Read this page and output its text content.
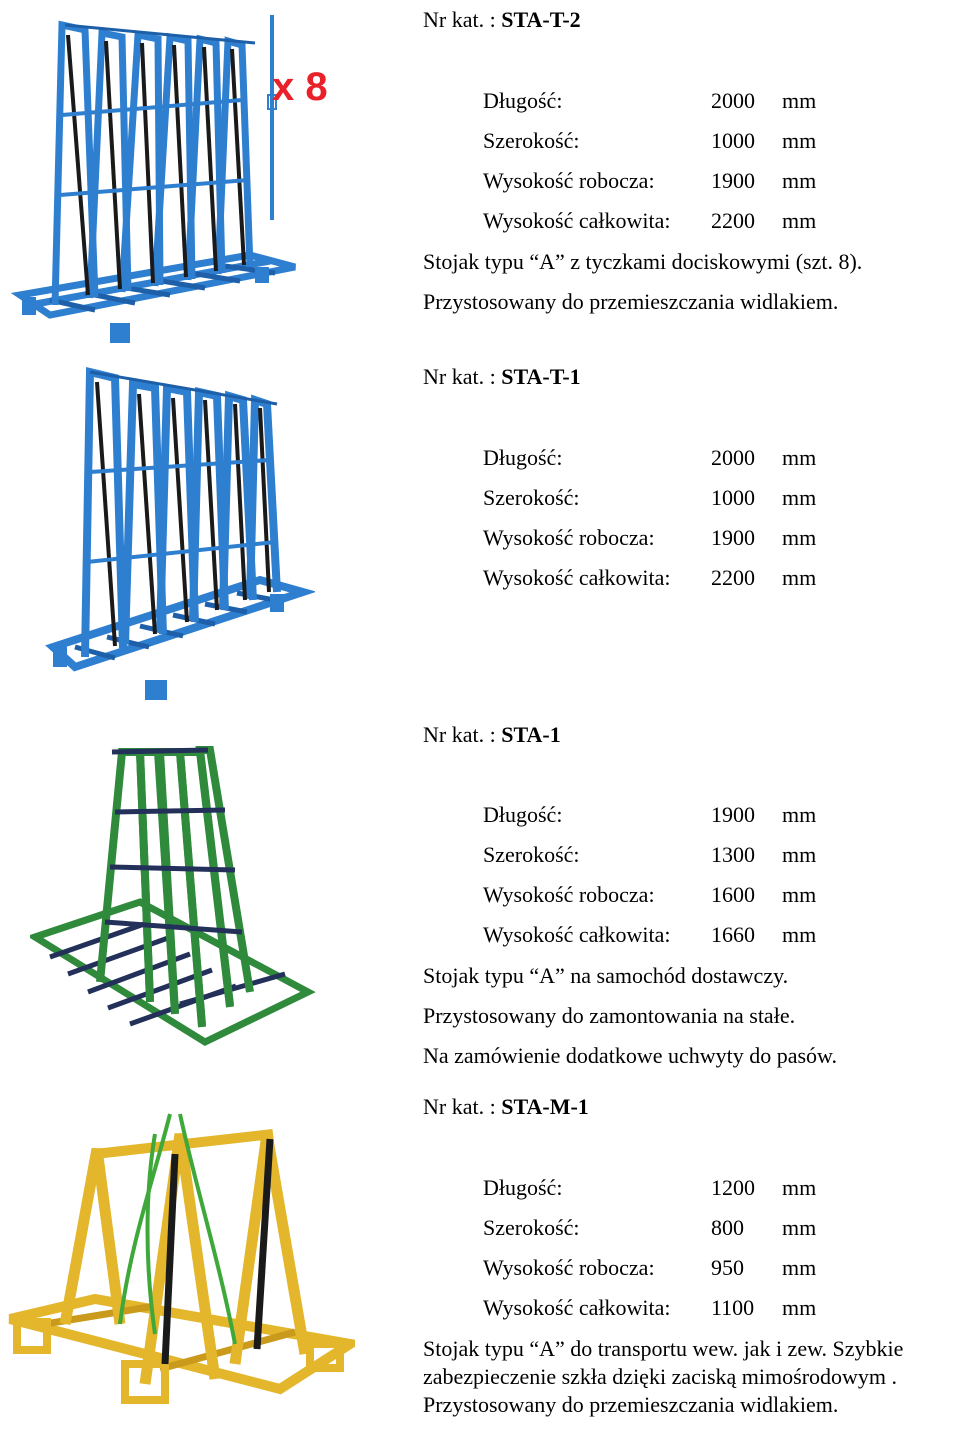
x 8
Nr kat. : STA-T-2
Długość:	2000 mm
Szerokość:	1000 mm
Wysokość robocza:	1900 mm
Wysokość całkowita: 2200 mm
Stojak typu “A” z tyczkami dociskowymi (szt. 8).
Przystosowany do przemieszczania widlakiem.
Nr kat. : STA-T-1
Długość:	2000 mm
Szerokość:	1000 mm
Wysokość robocza:	1900 mm
Wysokość całkowita: 2200 mm
Nr kat. : STA-1
Długość:	1900 mm
Szerokość:	1300 mm
Wysokość robocza:	1600 mm
Wysokość całkowita: 1660 mm
Stojak typu “A” na samochód dostawczy.
Przystosowany do zamontowania na stałe.
Na zamówienie dodatkowe uchwyty do pasów.
Nr kat. : STA-M-1
Długość:	1200 mm
Szerokość:	800 mm
Wysokość robocza:	950 mm
Wysokość całkowita: 1100 mm
Stojak typu “A” do transportu wew. jak i zew. Szybkie zabezpieczenie szkła dzięki zaciską mimośrodowym . Przystosowany do przemieszczania widlakiem.
